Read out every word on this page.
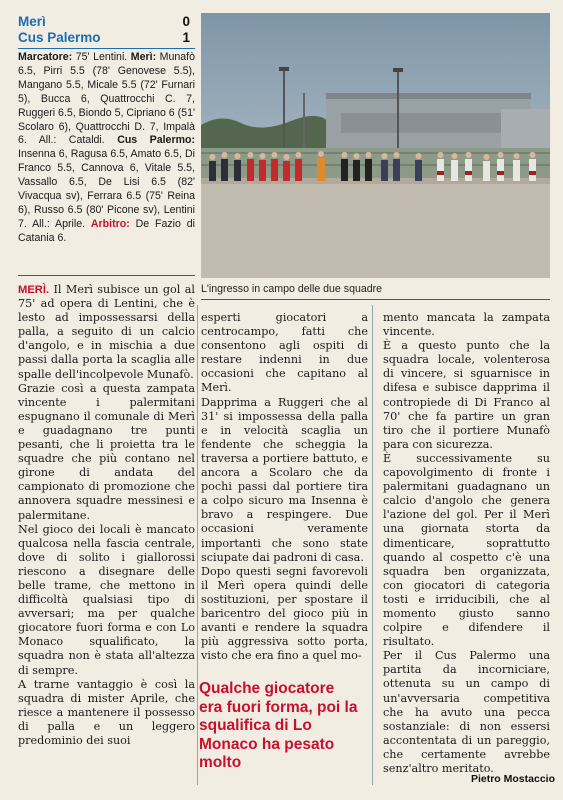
Merì	0
Cus Palermo	1
Marcatore: 75' Lentini. Merì: Munafò 6.5, Pirri 5.5 (78' Genovese 5.5), Mangano 5.5, Micale 5.5 (72' Furnari 5), Bucca 6, Quattrocchi C. 7, Ruggeri 6.5, Biondo 5, Cipriano 6 (51' Scolaro 6), Quattrocchi D. 7, Impalà 6. All.: Cataldi. Cus Palermo: Insenna 6, Ragusa 6.5, Amato 6.5, Di Franco 5.5, Cannova 6, Vitale 5.5, Vassallo 6.5, De Lisi 6.5 (82' Vivacqua sv), Ferrara 6.5 (75' Reina 6), Russo 6.5 (80' Picone sv), Lentini 7. All.: Aprile. Arbitro: De Fazio di Catania 6.
L'ingresso in campo delle due squadre

MERÌ. Il Merì subisce un gol al 75' ad opera di Lentini, che è lesto ad impossessarsi della palla, a seguito di un calcio d'angolo, e in mischia a due passi dalla porta la scaglia alle spalle dell'incolpevole Munafò.

Grazie così a questa zampata vincente i palermitani espugnano il comunale di Merì e guadagnano tre punti pesanti, che li proietta tra le squadre che più contano nel girone di andata del campionato di promozione che annovera squadre messinesi e palermitane.

Nel gioco dei locali è mancato qualcosa nella fascia centrale, dove di solito i giallorossi riescono a disegnare delle belle trame, che mettono in difficoltà qualsiasi tipo di avversari; ma per qualche giocatore fuori forma e con Lo Monaco squalificato, la squadra non è stata all'altezza di sempre.

A trarne vantaggio è così la squadra di mister Aprile, che riesce a mantenere il possesso di palla e un leggero predominio dei suoi

esperti giocatori a centrocampo, fatti che consentono agli ospiti di restare indenni in due occasioni che capitano al Merì.

Dapprima a Ruggeri che al 31' si impossessa della palla e in velocità scaglia un fendente che scheggia la traversa a portiere battuto, e ancora a Scolaro che da pochi passi dal portiere tira a colpo sicuro ma Insenna è bravo a respingere. Due occasioni veramente importanti che sono state sciupate dai padroni di casa.

Dopo questi segni favorevoli il Merì opera quindi delle sostituzioni, per spostare il baricentro del gioco più in avanti e rendere la squadra più aggressiva sotto porta, visto che era fino a quel mo-

mento mancata la zampata vincente.

È a questo punto che la squadra locale, volenterosa di vincere, si sguarnisce in difesa e subisce dapprima il contropiede di Di Franco al 70' che fa partire un gran tiro che il portiere Munafò para con sicurezza.

È successivamente su capovolgimento di fronte i palermitani guadagnano un calcio d'angolo che genera l'azione del gol. Per il Merì una giornata storta da dimenticare, soprattutto quando al cospetto c'è una squadra ben organizzata, con giocatori di categoria tosti e irriducibili, che al momento giusto sanno colpire e difendere il risultato.

Per il Cus Palermo una partita da incorniciare, ottenuta su un campo di un'avversaria competitiva che ha avuto una pecca sostanziale: di non essersi accontentata di un pareggio, che certamente avrebbe senz'altro meritato.

Qualche giocatore era fuori forma, poi la squalifica di Lo Monaco ha pesato molto
Pietro Mostaccio
